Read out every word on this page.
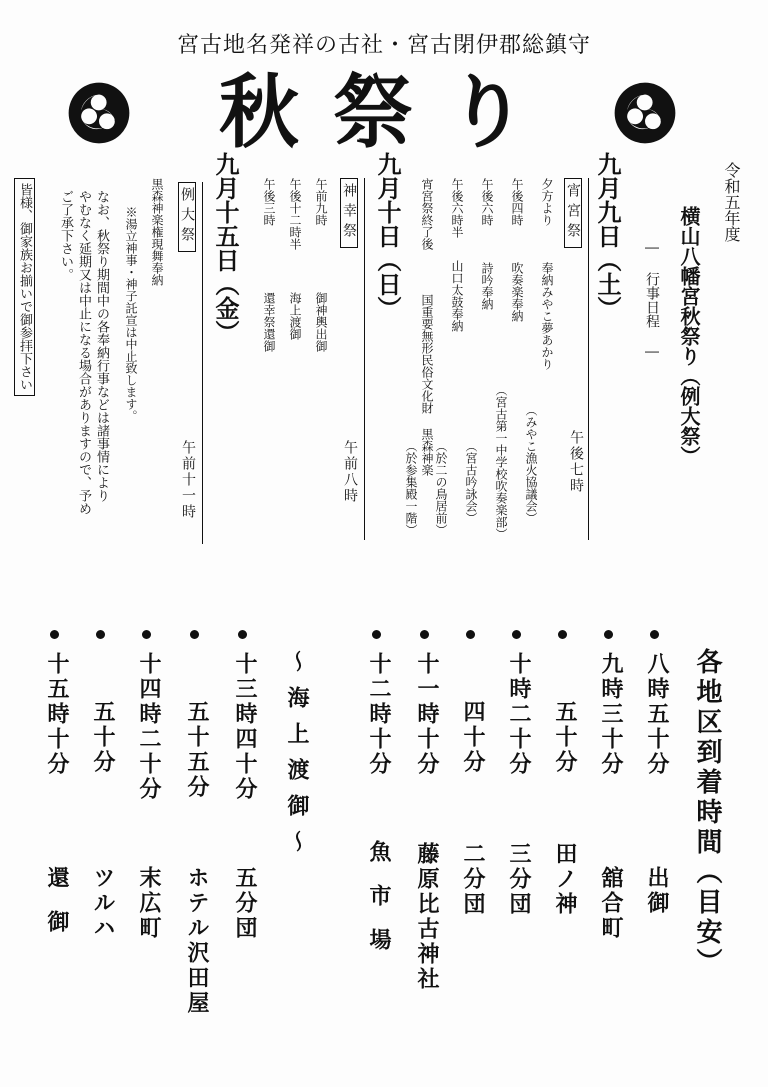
宮古地名発祥の古社・宮古閉伊郡総鎮守
秋祭り
令和五年度
横山八幡宮秋祭り（例大祭）
― 行事日程 ―
九月九日（土）
宵宮祭
午後七時
夕方より
奉納みやこ夢あかり
（みやこ漁火協議会）
午後四時
吹奏楽奉納
（宮古第一中学校吹奏楽部）
午後六時
詩吟奉納
（宮古吟詠会）
午後六時半
山口太鼓奉納
（於二の鳥居前）
宵宮祭終了後
国重要無形民俗文化財 黒森神楽
（於参集殿一階）
九月十日（日）
神幸祭
午前八時
午前九時
御神輿出御
午後十二時半
海上渡御
午後三時
還幸祭還御
九月十五日（金）
例大祭
午前十一時
黒森神楽権現舞奉納
※湯立神事・神子託宣は中止致します。
なお、秋祭り期間中の各奉納行事などは諸事情により
やむなく延期又は中止になる場合がありますので、予め
ご了承下さい。
皆様、御家族お揃いで御参拝下さい
各地区到着時間（目安）
八時五十分
出御
九時三十分
舘合町
五十分
田ノ神
十時二十分
三分団
四十分
二分団
十一時十分
藤原比古神社
十二時十分
魚市場
～海上渡御～
十三時四十分
五分団
五十五分
ホテル沢田屋
十四時二十分
末広町
五十分
ツルハ
十五時十分
還御
